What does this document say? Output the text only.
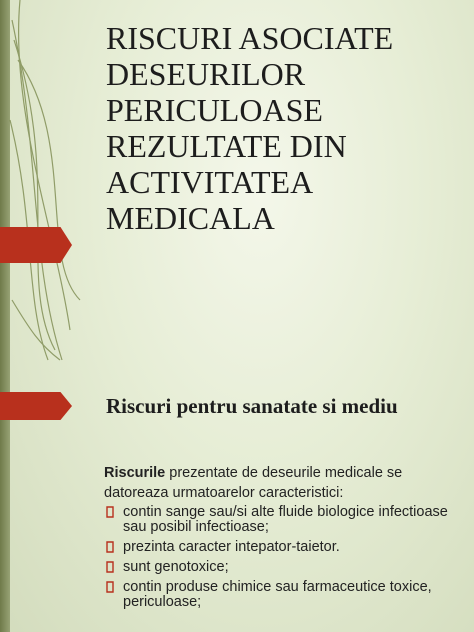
RISCURI ASOCIATE
DESEURILOR
PERICULOASE
REZULTATE DIN
ACTIVITATEA
MEDICALA
Riscuri pentru sanatate si mediu

Riscurile prezentate de deseurile medicale se datoreaza urmatoarelor caracteristici:

contin sange sau/si alte fluide biologice infectioase sau posibil infectioase;
prezinta caracter intepator-taietor.
sunt genotoxice;
contin produse chimice sau farmaceutice toxice, periculoase;
